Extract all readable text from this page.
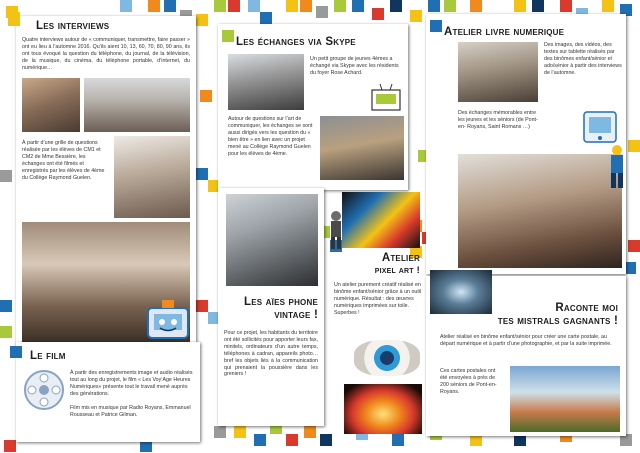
Les interviews
Quatre interviews autour de « communiquer, transmettre, faire passer » ont eu lieu à l’automne 2016. Qu’ils aient 10, 13, 60, 70, 80, 90 ans, ils ont tous évoqué la question du téléphone, du journal, de la télévision, de la musique, du cinéma, du téléphone portable, d’internet, du numérique…
À partir d’une grille de questions réalisée par les élèves de CM1 et CM2 de Mme Bessière, les échanges ont été filmés et enregistrés par les élèves de 4ème du Collège Raymond Guelen.
Le film
À partir des enregistrements image et audio réalisés tout au long du projet, le film « Les Voy’Age Heures Numériques» présente tout le travail mené auprès des générations.
Film mis en musique par Radio Royans, Emmanuel Rousseau et Patrice Gilman.
Les échanges via Skype
Un petit groupe de jeunes 4èmes a échangé via Skype avec les résidents du foyer Rose Achard.
Autour de questions sur l’art de communiquer, les échanges se sont aussi dirigés vers les question du « bien être » en lien avec un projet mené au Collège Raymond Guelen pour les élèves de 4ème.
Les aïes phone
vintage !
Pour ce projet, les habitants du territoire ont été sollicités pour apporter leurs fax, minitels, ordinateurs d’un autre temps, téléphones à cadran, appareils photo… bref les objets liés à la communication qui prenaient la poussière dans les greniers !
Atelier
pixel art !
Un atelier purement créatif réalisé en binôme enfant/sénior grâce à un outil numérique. Résultat : des œuvres numériques imprimées sur toile. Superbes !
Atelier livre numerique
Des images, des vidéos, des textes sur tablette réalisés par des binômes enfant/sénior et ado/sénior à partir des interviews de l’automne.
Des échanges mémorables entre les jeunes et les séniors (de Pont-en- Royans, Saint Romans …)
Raconte moi
tes mistrals gagnants !
Atelier réalisé en binôme enfant/sénior pour créer une carte postale, au départ numérique et à partir d’une photographie, et par la suite imprimée.
Ces cartes postales ont été envoyées à près de 200 séniors de Pont-en-Royans.
